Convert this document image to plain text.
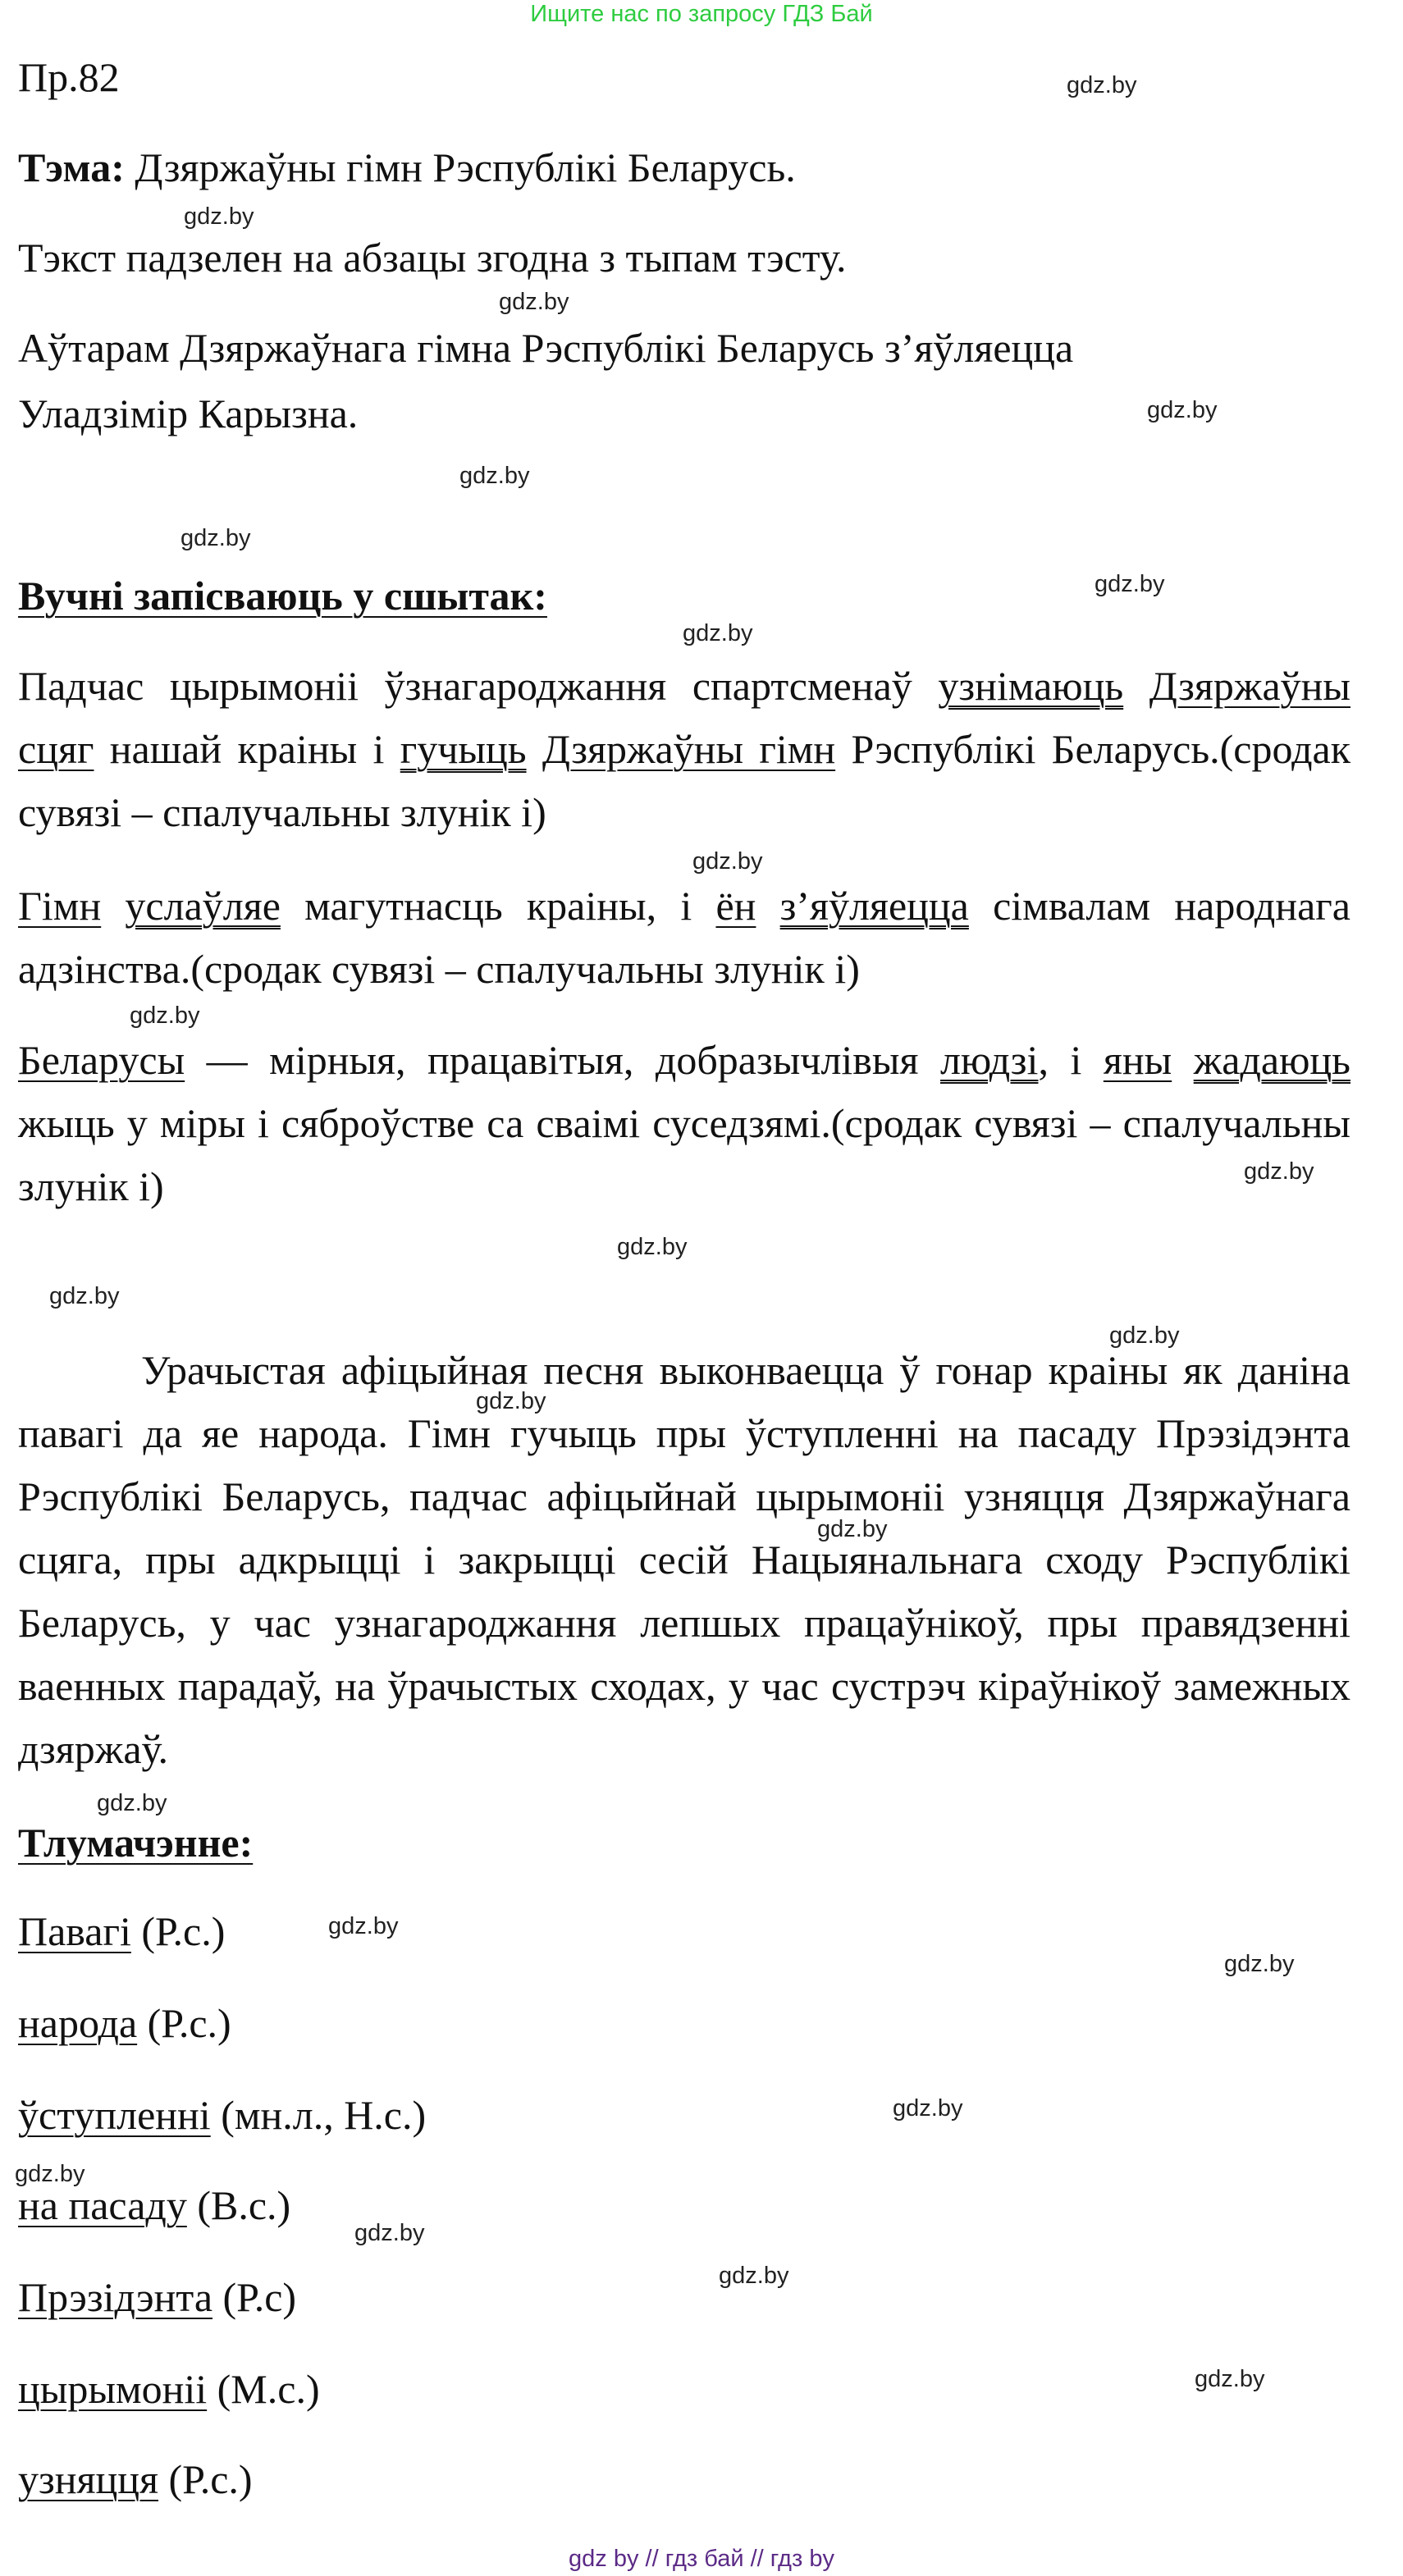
Ищите нас по запросу ГДЗ Бай
Пр.82	gdz.by
gdz.by
gdz.by
gdz.by
gdz.by
gdz.by
gdz.by
gdz.by
gdz.by
gdz.by
gdz.by
gdz.by
gdz.by
gdz.by
gdz.by
gdz.by
gdz.by
gdz.by
gdz.by
gdz.by
gdz.by
gdz.by
gdz.by
gdz.by
Тэма: Дзяржаўны гімн Рэспублікі Беларусь.
Тэкст падзелен на абзацы згодна з тыпам тэсту.
Аўтарам Дзяржаўнага гімна Рэспублікі Беларусь з’яўляецца
Уладзімір Карызна.
Вучні запісваюць у сшытак:
Падчас цырымоніі ўзнагароджання спартсменаў узнімаюць Дзяржаўны сцяг нашай краіны і гучыць Дзяржаўны гімн Рэспублікі Беларусь.(сродак сувязі – спалучальны злунік і)
Гімн услаўляе магутнасць краіны, і ён з’яўляецца сімвалам народнага адзінства.(сродак сувязі – спалучальны злунік і)
Беларусы — мірныя, працавітыя, добразычлівыя людзі, і яны жадаюць жыць у міры і сяброўстве са сваімі суседзямі.(сродак сувязі – спалучальны злунік і)
Урачыстая афіцыйная песня выконваецца ў гонар краіны як даніна павагі да яе народа. Гімн гучыць пры ўступленні на пасаду Прэзідэнта Рэспублікі Беларусь, падчас афіцыйнай цырымоніі узняцця Дзяржаўнага сцяга, пры адкрыцці і закрыцці сесій Нацыянальнага сходу Рэспублікі Беларусь, у час узнагароджання лепшых працаўнікоў, пры правядзенні ваенных парадаў, на ўрачыстых сходах, у час сустрэч кіраўнікоў замежных дзяржаў.
Тлумачэнне:
Павагі (Р.с.)
народа (Р.с.)
ўступленні (мн.л., Н.с.)
на пасаду (В.с.)
Прэзідэнта (Р.с)
цырымоніі (М.с.)
узняцця (Р.с.)
gdz by // гдз бай // гдз by
